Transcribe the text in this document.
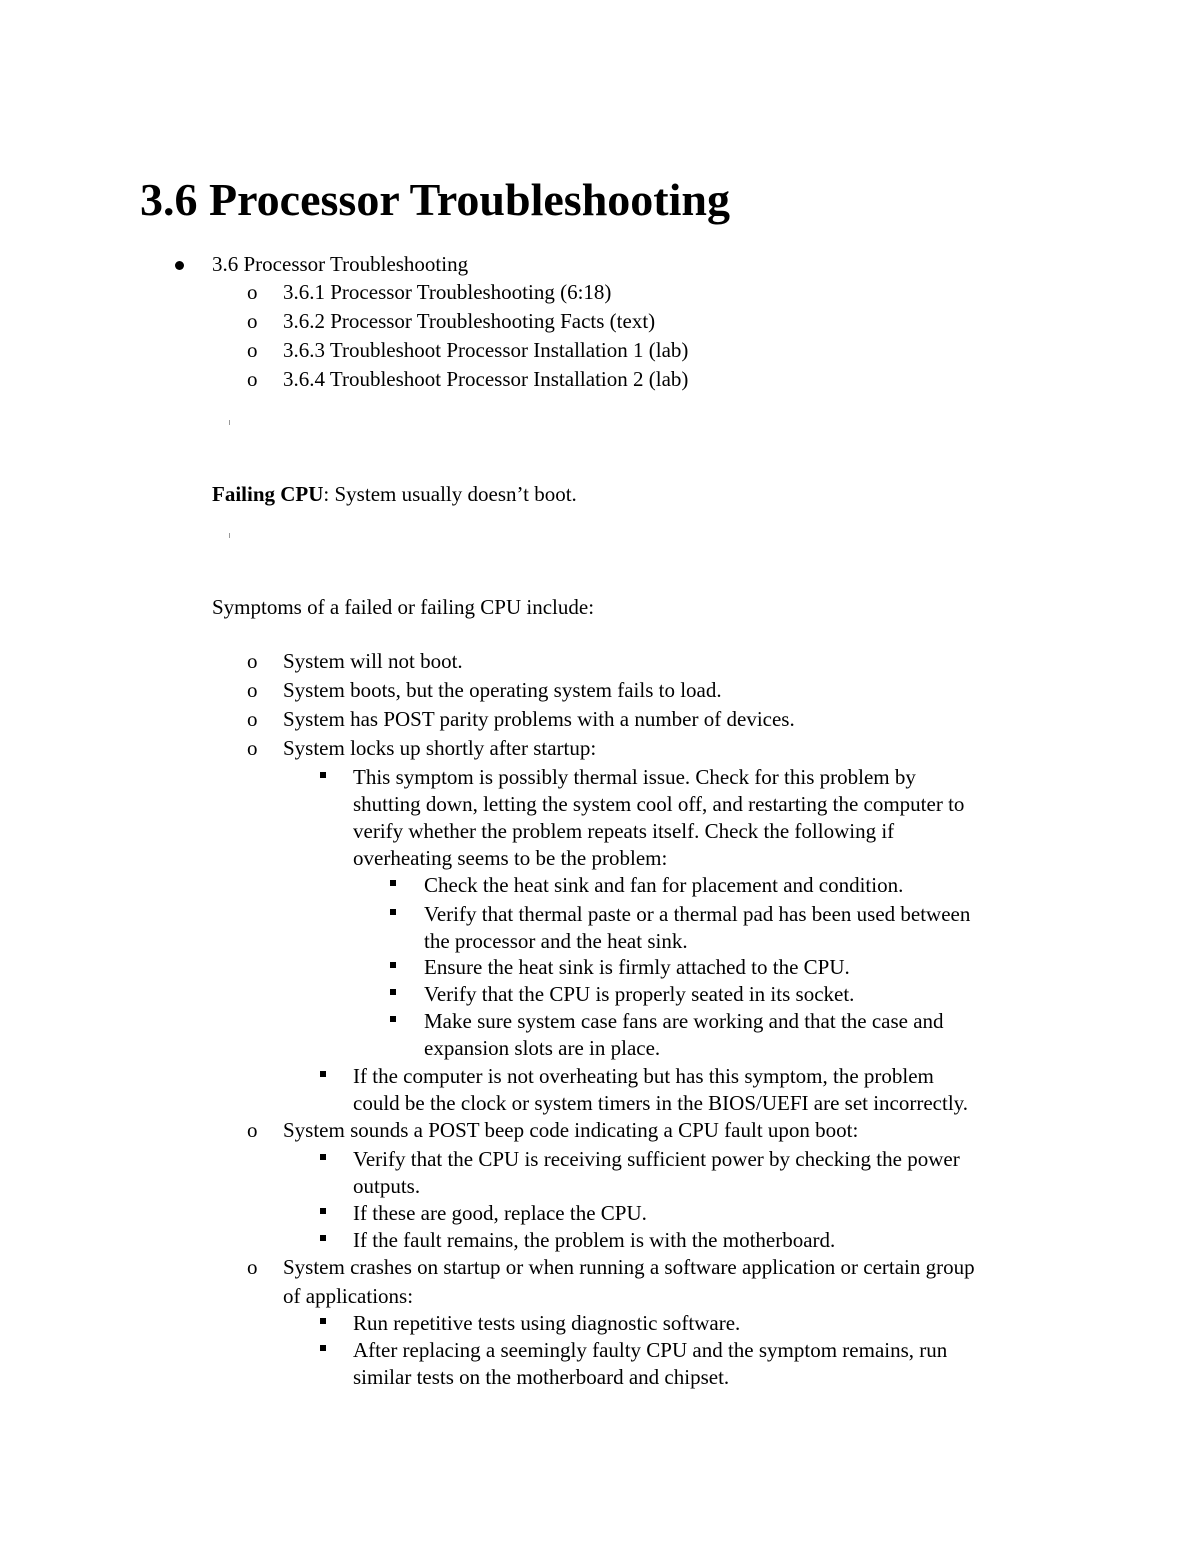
3.6 Processor Troubleshooting
3.6 Processor Troubleshooting
o 3.6.1 Processor Troubleshooting (6:18)
o 3.6.2 Processor Troubleshooting Facts (text)
o 3.6.3 Troubleshoot Processor Installation 1 (lab)
o 3.6.4 Troubleshoot Processor Installation 2 (lab)
Failing CPU: System usually doesn’t boot.
Symptoms of a failed or failing CPU include:
o System will not boot.
o System boots, but the operating system fails to load.
o System has POST parity problems with a number of devices.
o System locks up shortly after startup:
This symptom is possibly thermal issue. Check for this problem by
shutting down, letting the system cool off, and restarting the computer to
verify whether the problem repeats itself. Check the following if
overheating seems to be the problem:
Check the heat sink and fan for placement and condition.
Verify that thermal paste or a thermal pad has been used between
the processor and the heat sink.
Ensure the heat sink is firmly attached to the CPU.
Verify that the CPU is properly seated in its socket.
Make sure system case fans are working and that the case and
expansion slots are in place.
If the computer is not overheating but has this symptom, the problem
could be the clock or system timers in the BIOS/UEFI are set incorrectly.
o System sounds a POST beep code indicating a CPU fault upon boot:
Verify that the CPU is receiving sufficient power by checking the power
outputs.
If these are good, replace the CPU.
If the fault remains, the problem is with the motherboard.
o System crashes on startup or when running a software application or certain group
of applications:
Run repetitive tests using diagnostic software.
After replacing a seemingly faulty CPU and the symptom remains, run
similar tests on the motherboard and chipset.
